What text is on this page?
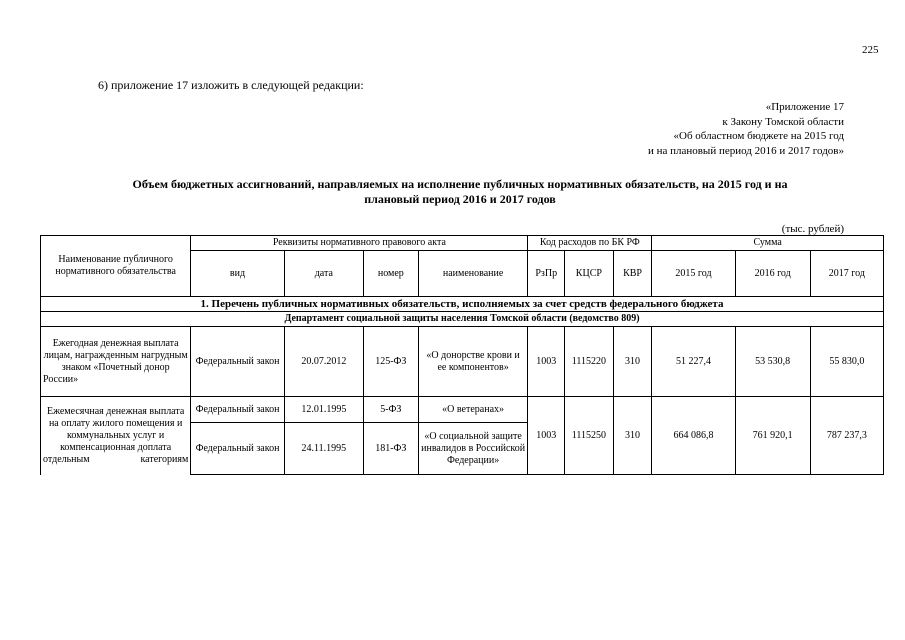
225
6) приложение 17 изложить в следующей редакции:
«Приложение 17
к Закону Томской области
«Об областном бюджете на 2015 год
и на плановый период 2016 и 2017 годов»
Объем бюджетных ассигнований, направляемых на исполнение публичных нормативных обязательств, на 2015 год и на
плановый период 2016 и 2017 годов
(тыс. рублей)
Наименование публичного нормативного обязательства	Реквизиты нормативного правового акта				Код расходов по БК РФ			Сумма		
	вид	дата	номер	наименование	РзПр	КЦСР	КВР	2015 год	2016 год	2017 год
1. Перечень публичных нормативных обязательств, исполняемых за счет средств федерального бюджета										
Департамент социальной защиты населения Томской области (ведомство 809)										
Ежегодная денежная выплата лицам, награжденным нагрудным знаком «Почетный донор России»	Федеральный закон	20.07.2012	125-ФЗ	«О донорстве крови и ее компонентов»	1003	1115220	310	51 227,4	53 530,8	55 830,0
Ежемесячная денежная выплата на оплату жилого помещения и коммунальных услуг и компенсационная доплата отдельным категориям	Федеральный закон	12.01.1995	5-ФЗ	«О ветеранах»	1003	1115250	310	664 086,8	761 920,1	787 237,3
	Федеральный закон	24.11.1995	181-ФЗ	«О социальной защите инвалидов в Российской Федерации»						
